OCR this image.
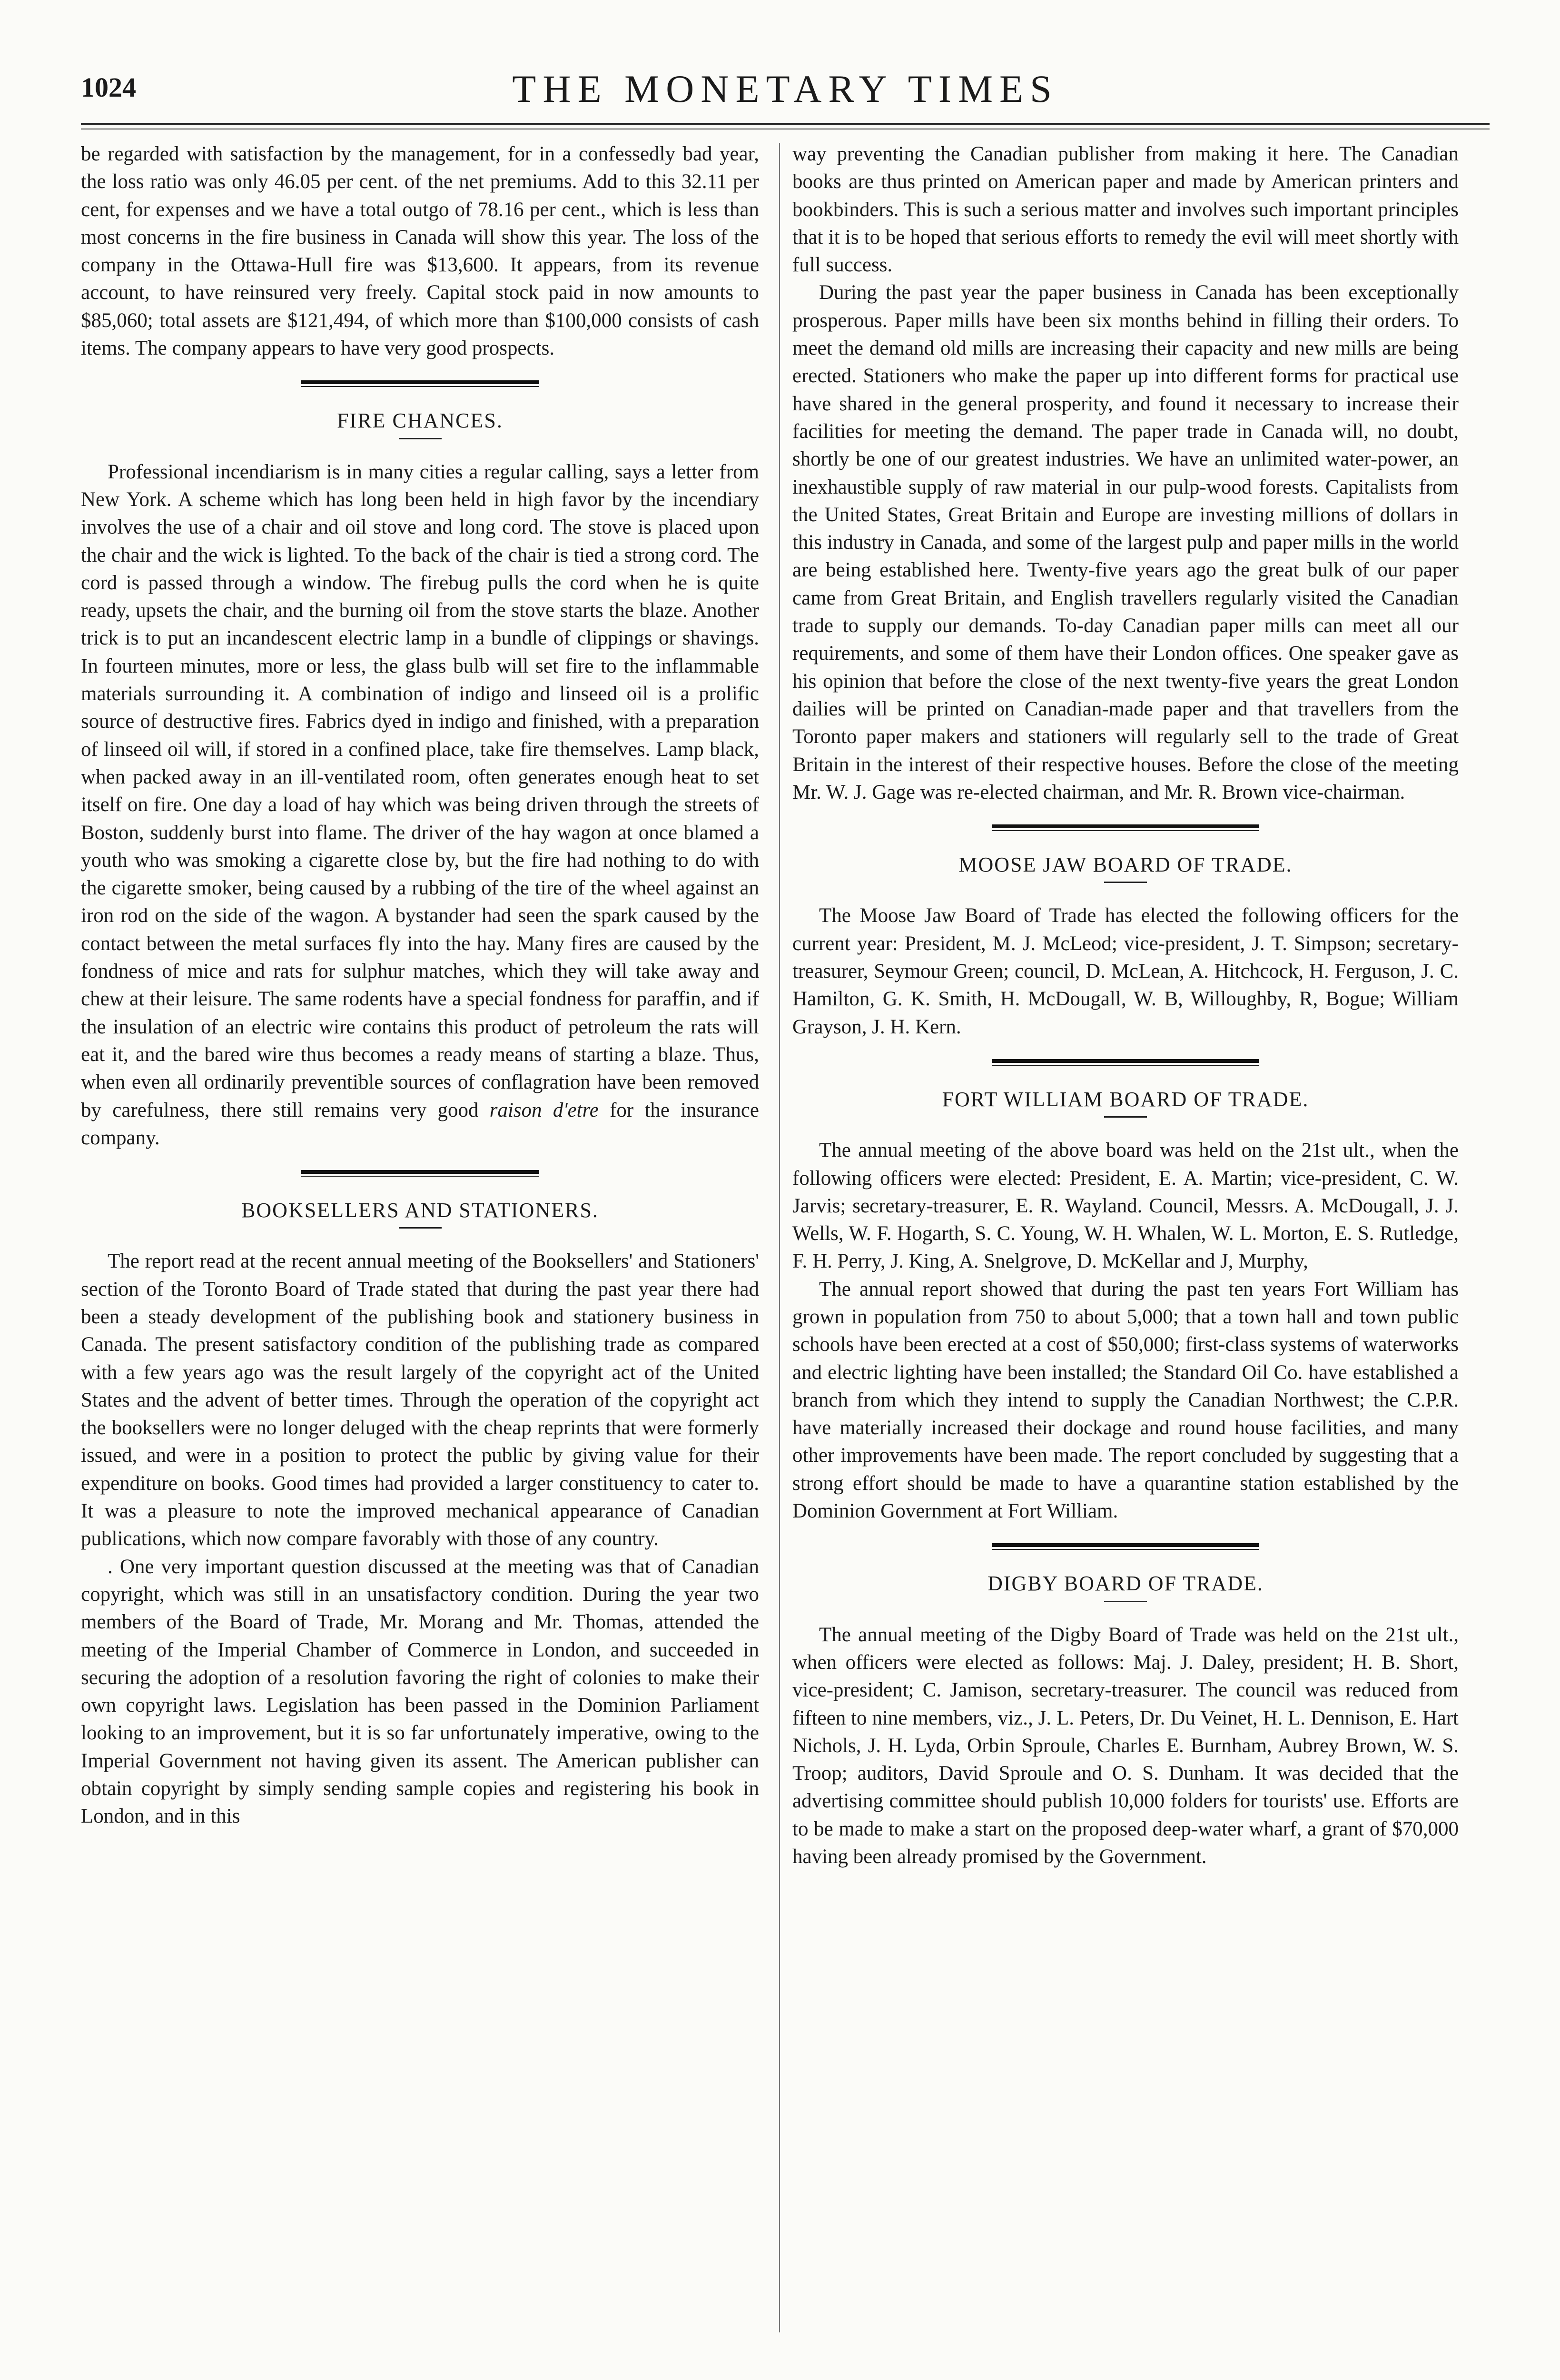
1024	THE MONETARY TIMES

be regarded with satisfaction by the management, for in a confessedly bad year, the loss ratio was only 46.05 per cent. of the net premiums. Add to this 32.11 per cent, for expenses and we have a total outgo of 78.16 per cent., which is less than most concerns in the fire business in Canada will show this year. The loss of the company in the Ottawa-Hull fire was $13,600. It appears, from its revenue account, to have reinsured very freely. Capital stock paid in now amounts to $85,060; total assets are $121,494, of which more than $100,000 consists of cash items. The company appears to have very good prospects.

FIRE CHANCES.

Professional incendiarism is in many cities a regular calling, says a letter from New York. A scheme which has long been held in high favor by the incendiary involves the use of a chair and oil stove and long cord. The stove is placed upon the chair and the wick is lighted. To the back of the chair is tied a strong cord. The cord is passed through a window. The firebug pulls the cord when he is quite ready, upsets the chair, and the burning oil from the stove starts the blaze. Another trick is to put an incandescent electric lamp in a bundle of clippings or shavings. In fourteen minutes, more or less, the glass bulb will set fire to the inflammable materials surrounding it. A combination of indigo and linseed oil is a prolific source of destructive fires. Fabrics dyed in indigo and finished, with a preparation of linseed oil will, if stored in a confined place, take fire themselves. Lamp black, when packed away in an ill-ventilated room, often generates enough heat to set itself on fire. One day a load of hay which was being driven through the streets of Boston, suddenly burst into flame. The driver of the hay wagon at once blamed a youth who was smoking a cigarette close by, but the fire had nothing to do with the cigarette smoker, being caused by a rubbing of the tire of the wheel against an iron rod on the side of the wagon. A bystander had seen the spark caused by the contact between the metal surfaces fly into the hay. Many fires are caused by the fondness of mice and rats for sulphur matches, which they will take away and chew at their leisure. The same rodents have a special fondness for paraffin, and if the insulation of an electric wire contains this product of petroleum the rats will eat it, and the bared wire thus becomes a ready means of starting a blaze. Thus, when even all ordinarily preventible sources of conflagration have been removed by carefulness, there still remains very good raison d'etre for the insurance company.

BOOKSELLERS AND STATIONERS.

The report read at the recent annual meeting of the Booksellers' and Stationers' section of the Toronto Board of Trade stated that during the past year there had been a steady development of the publishing book and stationery business in Canada. The present satisfactory condition of the publishing trade as compared with a few years ago was the result largely of the copyright act of the United States and the advent of better times. Through the operation of the copyright act the booksellers were no longer deluged with the cheap reprints that were formerly issued, and were in a position to protect the public by giving value for their expenditure on books. Good times had provided a larger constituency to cater to. It was a pleasure to note the improved mechanical appearance of Canadian publications, which now compare favorably with those of any country.

. One very important question discussed at the meeting was that of Canadian copyright, which was still in an unsatisfactory condition. During the year two members of the Board of Trade, Mr. Morang and Mr. Thomas, attended the meeting of the Imperial Chamber of Commerce in London, and succeeded in securing the adoption of a resolution favoring the right of colonies to make their own copyright laws. Legislation has been passed in the Dominion Parliament looking to an improvement, but it is so far unfortunately imperative, owing to the Imperial Government not having given its assent. The American publisher can obtain copyright by simply sending sample copies and registering his book in London, and in this

way preventing the Canadian publisher from making it here. The Canadian books are thus printed on American paper and made by American printers and bookbinders. This is such a serious matter and involves such important principles that it is to be hoped that serious efforts to remedy the evil will meet shortly with full success.

During the past year the paper business in Canada has been exceptionally prosperous. Paper mills have been six months behind in filling their orders. To meet the demand old mills are increasing their capacity and new mills are being erected. Stationers who make the paper up into different forms for practical use have shared in the general prosperity, and found it necessary to increase their facilities for meeting the demand. The paper trade in Canada will, no doubt, shortly be one of our greatest industries. We have an unlimited water-power, an inexhaustible supply of raw material in our pulp-wood forests. Capitalists from the United States, Great Britain and Europe are investing millions of dollars in this industry in Canada, and some of the largest pulp and paper mills in the world are being established here. Twenty-five years ago the great bulk of our paper came from Great Britain, and English travellers regularly visited the Canadian trade to supply our demands. To-day Canadian paper mills can meet all our requirements, and some of them have their London offices. One speaker gave as his opinion that before the close of the next twenty-five years the great London dailies will be printed on Canadian-made paper and that travellers from the Toronto paper makers and stationers will regularly sell to the trade of Great Britain in the interest of their respective houses. Before the close of the meeting Mr. W. J. Gage was re-elected chairman, and Mr. R. Brown vice-chairman.

MOOSE JAW BOARD OF TRADE.

The Moose Jaw Board of Trade has elected the following officers for the current year: President, M. J. McLeod; vice-president, J. T. Simpson; secretary-treasurer, Seymour Green; council, D. McLean, A. Hitchcock, H. Ferguson, J. C. Hamilton, G. K. Smith, H. McDougall, W. B, Willoughby, R, Bogue; William Grayson, J. H. Kern.

FORT WILLIAM BOARD OF TRADE.

The annual meeting of the above board was held on the 21st ult., when the following officers were elected: President, E. A. Martin; vice-president, C. W. Jarvis; secretary-treasurer, E. R. Wayland. Council, Messrs. A. McDougall, J. J. Wells, W. F. Hogarth, S. C. Young, W. H. Whalen, W. L. Morton, E. S. Rutledge, F. H. Perry, J. King, A. Snelgrove, D. McKellar and J, Murphy,

The annual report showed that during the past ten years Fort William has grown in population from 750 to about 5,000; that a town hall and town public schools have been erected at a cost of $50,000; first-class systems of waterworks and electric lighting have been installed; the Standard Oil Co. have established a branch from which they intend to supply the Canadian Northwest; the C.P.R. have materially increased their dockage and round house facilities, and many other improvements have been made. The report concluded by suggesting that a strong effort should be made to have a quarantine station established by the Dominion Government at Fort William.

DIGBY BOARD OF TRADE.

The annual meeting of the Digby Board of Trade was held on the 21st ult., when officers were elected as follows: Maj. J. Daley, president; H. B. Short, vice-president; C. Jamison, secretary-treasurer. The council was reduced from fifteen to nine members, viz., J. L. Peters, Dr. Du Veinet, H. L. Dennison, E. Hart Nichols, J. H. Lyda, Orbin Sproule, Charles E. Burnham, Aubrey Brown, W. S. Troop; auditors, David Sproule and O. S. Dunham. It was decided that the advertising committee should publish 10,000 folders for tourists' use. Efforts are to be made to make a start on the proposed deep-water wharf, a grant of $70,000 having been already promised by the Government.
